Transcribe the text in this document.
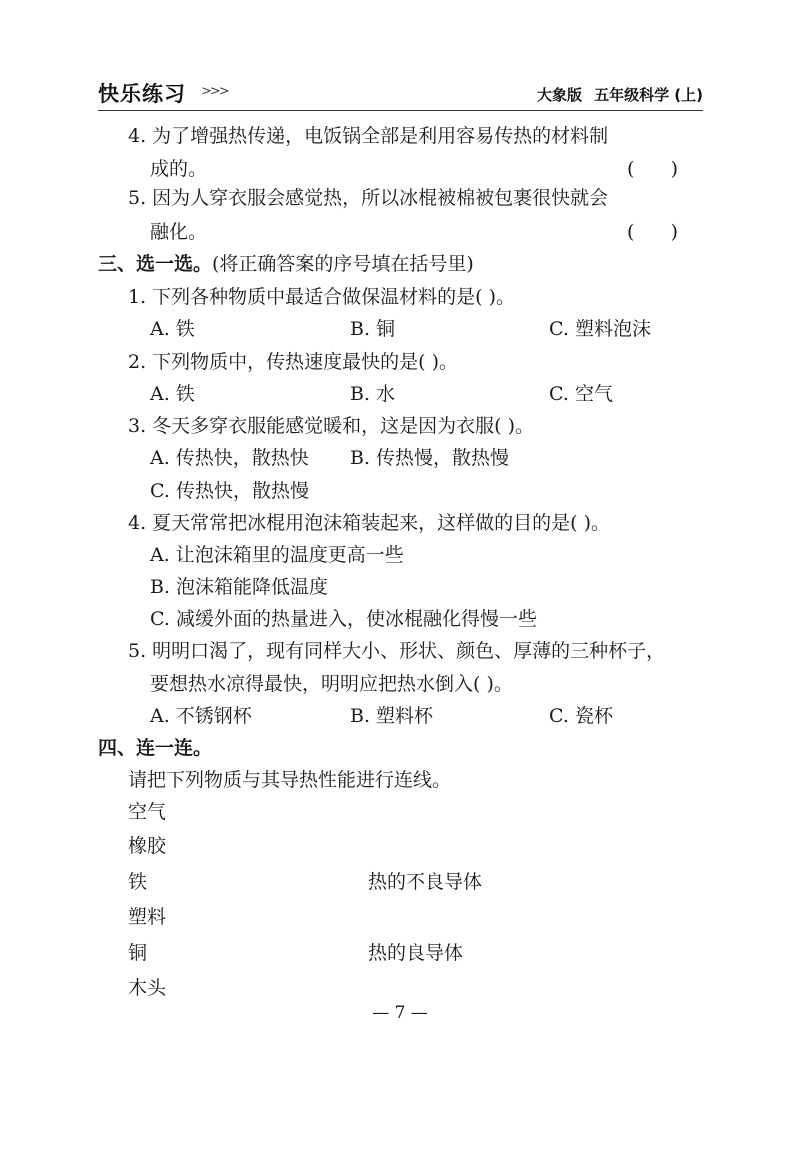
快乐练习 >>>	大象版 五年级科学 (上)
4. 为了增强热传递，电饭锅全部是利用容易传热的材料制
成的。	(      )
5. 因为人穿衣服会感觉热，所以冰棍被棉被包裹很快就会
融化。	(      )
三、选一选。(将正确答案的序号填在括号里)
1. 下列各种物质中最适合做保温材料的是( )。
A. 铁	B. 铜	C. 塑料泡沫
2. 下列物质中，传热速度最快的是( )。
A. 铁	B. 水	C. 空气
3. 冬天多穿衣服能感觉暖和，这是因为衣服( )。
A. 传热快，散热快 B. 传热慢，散热慢
C. 传热快，散热慢
4. 夏天常常把冰棍用泡沫箱装起来，这样做的目的是( )。
A. 让泡沫箱里的温度更高一些
B. 泡沫箱能降低温度
C. 减缓外面的热量进入，使冰棍融化得慢一些
5. 明明口渴了，现有同样大小、形状、颜色、厚薄的三种杯子，
要想热水凉得最快，明明应把热水倒入( )。
A. 不锈钢杯	B. 塑料杯	C. 瓷杯
四、连一连。
请把下列物质与其导热性能进行连线。
空气
橡胶
铁
塑料
铜
木头
热的不良导体
热的良导体
— 7 —
